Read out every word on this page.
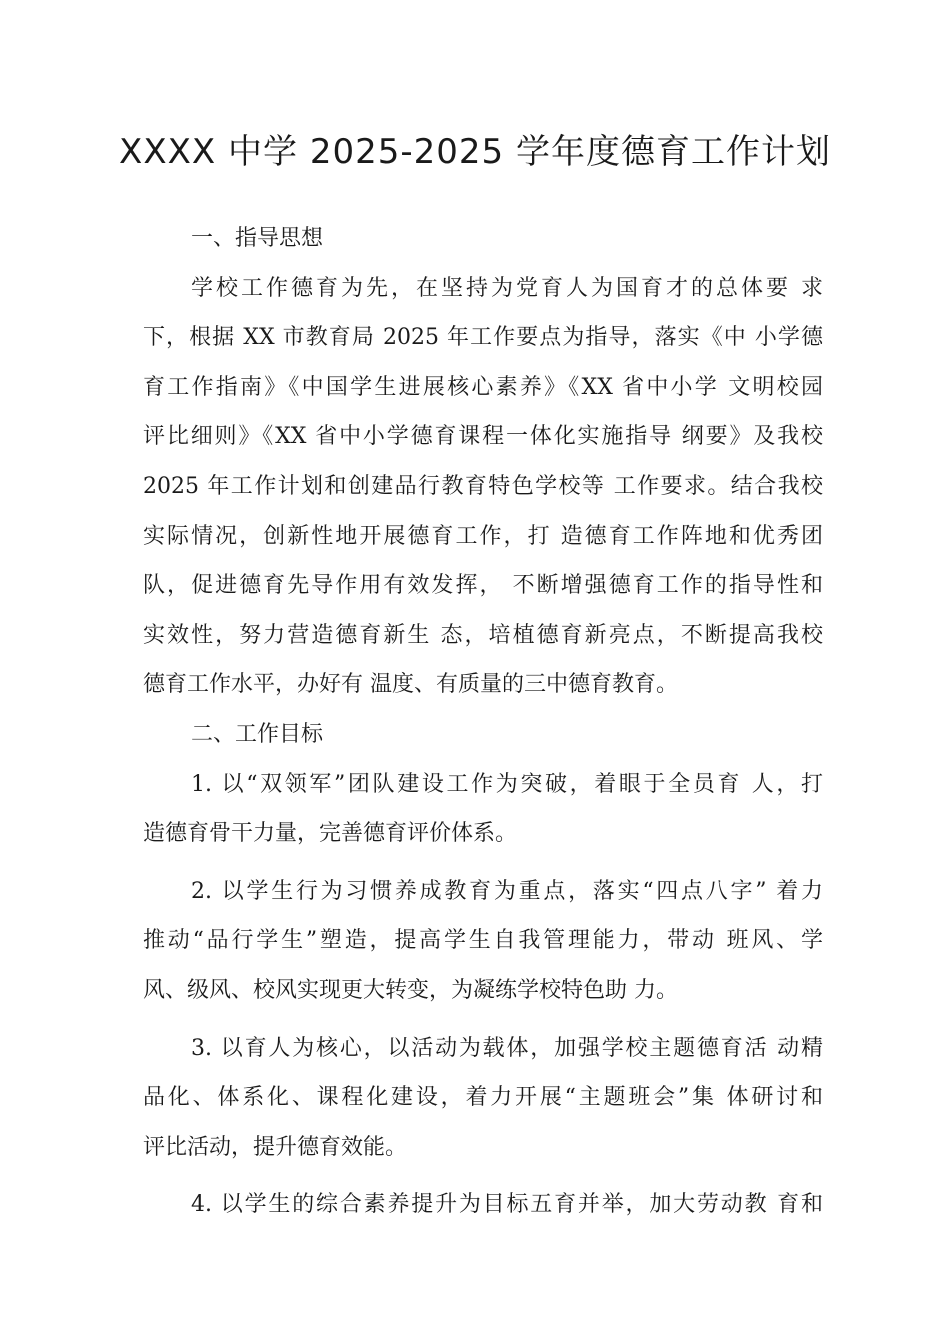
XXXX 中学 2025-2025 学年度德育工作计划

一、指导思想

学校工作德育为先，在坚持为党育人为国育才的总体要 求

下，根据 XX 市教育局 2025 年工作要点为指导，落实《中 小学德

育工作指南》《中国学生进展核心素养》《XX 省中小学 文明校园

评比细则》《XX 省中小学德育课程一体化实施指导 纲要》及我校

2025 年工作计划和创建品行教育特色学校等 工作要求。结合我校

实际情况，创新性地开展德育工作，打 造德育工作阵地和优秀团

队，促进德育先导作用有效发挥， 不断增强德育工作的指导性和

实效性，努力营造德育新生 态，培植德育新亮点，不断提高我校

德育工作水平，办好有 温度、有质量的三中德育教育。

二、工作目标

1. 以“双领军”团队建设工作为突破，着眼于全员育 人，打

造德育骨干力量，完善德育评价体系。

2. 以学生行为习惯养成教育为重点，落实“四点八字” 着力

推动“品行学生”塑造，提高学生自我管理能力，带动 班风、学

风、级风、校风实现更大转变，为凝练学校特色助 力。

3. 以育人为核心，以活动为载体，加强学校主题德育活 动精

品化、体系化、课程化建设，着力开展“主题班会”集 体研讨和

评比活动，提升德育效能。

4. 以学生的综合素养提升为目标五育并举，加大劳动教 育和
